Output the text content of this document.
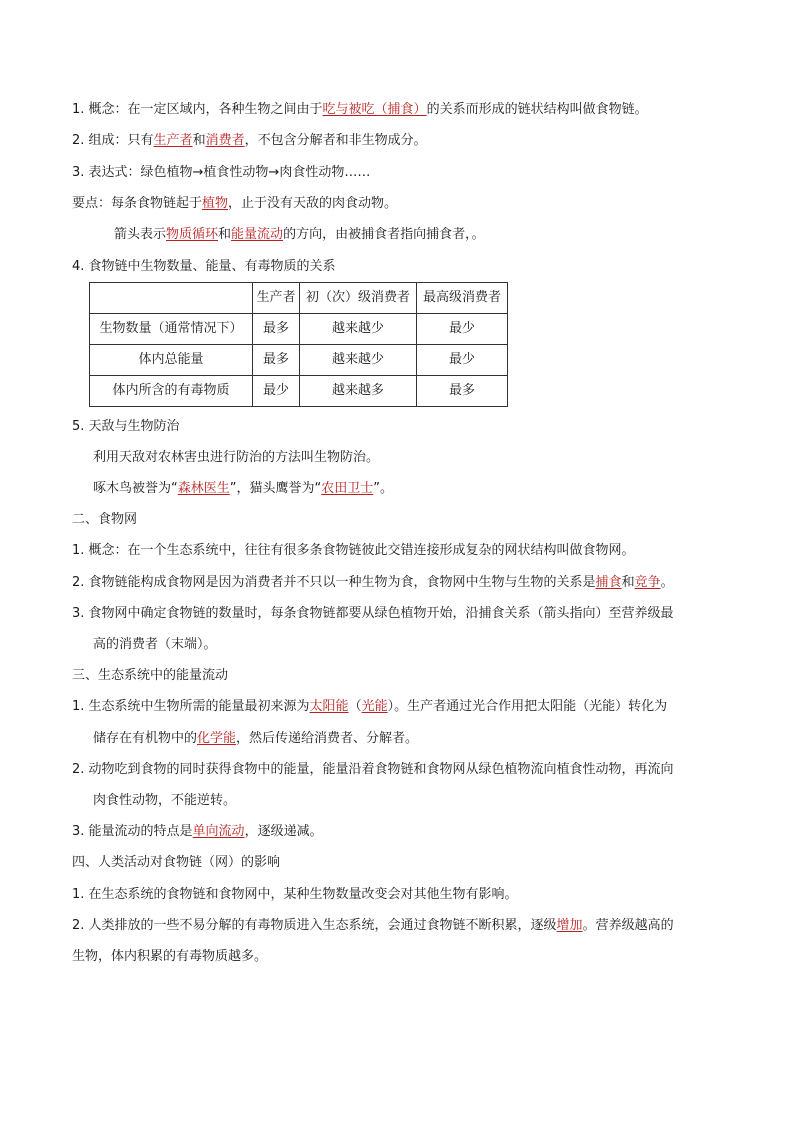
1. 概念：在一定区域内，各种生物之间由于吃与被吃（捕食）的关系而形成的链状结构叫做食物链。
2. 组成：只有生产者和消费者，不包含分解者和非生物成分。
3. 表达式：绿色植物→植食性动物→肉食性动物……
要点：每条食物链起于植物，止于没有天敌的肉食动物。
箭头表示物质循环和能量流动的方向，由被捕食者指向捕食者，。
4. 食物链中生物数量、能量、有毒物质的关系
	生产者	初（次）级消费者	最高级消费者
生物数量（通常情况下）	最多	越来越少	最少
体内总能量	最多	越来越少	最少
体内所含的有毒物质	最少	越来越多	最多
5. 天敌与生物防治
利用天敌对农林害虫进行防治的方法叫生物防治。
啄木鸟被誉为“森林医生”，猫头鹰誉为“农田卫士”。
二、食物网
1. 概念：在一个生态系统中，往往有很多条食物链彼此交错连接形成复杂的网状结构叫做食物网。
2. 食物链能构成食物网是因为消费者并不只以一种生物为食，食物网中生物与生物的关系是捕食和竞争。
3. 食物网中确定食物链的数量时，每条食物链都要从绿色植物开始，沿捕食关系（箭头指向）至营养级最
高的消费者（末端）。
三、生态系统中的能量流动
1. 生态系统中生物所需的能量最初来源为太阳能（光能）。生产者通过光合作用把太阳能（光能）转化为
储存在有机物中的化学能，然后传递给消费者、分解者。
2. 动物吃到食物的同时获得食物中的能量，能量沿着食物链和食物网从绿色植物流向植食性动物，再流向
肉食性动物，不能逆转。
3. 能量流动的特点是单向流动，逐级递减。
四、人类活动对食物链（网）的影响
1. 在生态系统的食物链和食物网中，某种生物数量改变会对其他生物有影响。
2. 人类排放的一些不易分解的有毒物质进入生态系统，会通过食物链不断积累，逐级增加。营养级越高的
生物，体内积累的有毒物质越多。
